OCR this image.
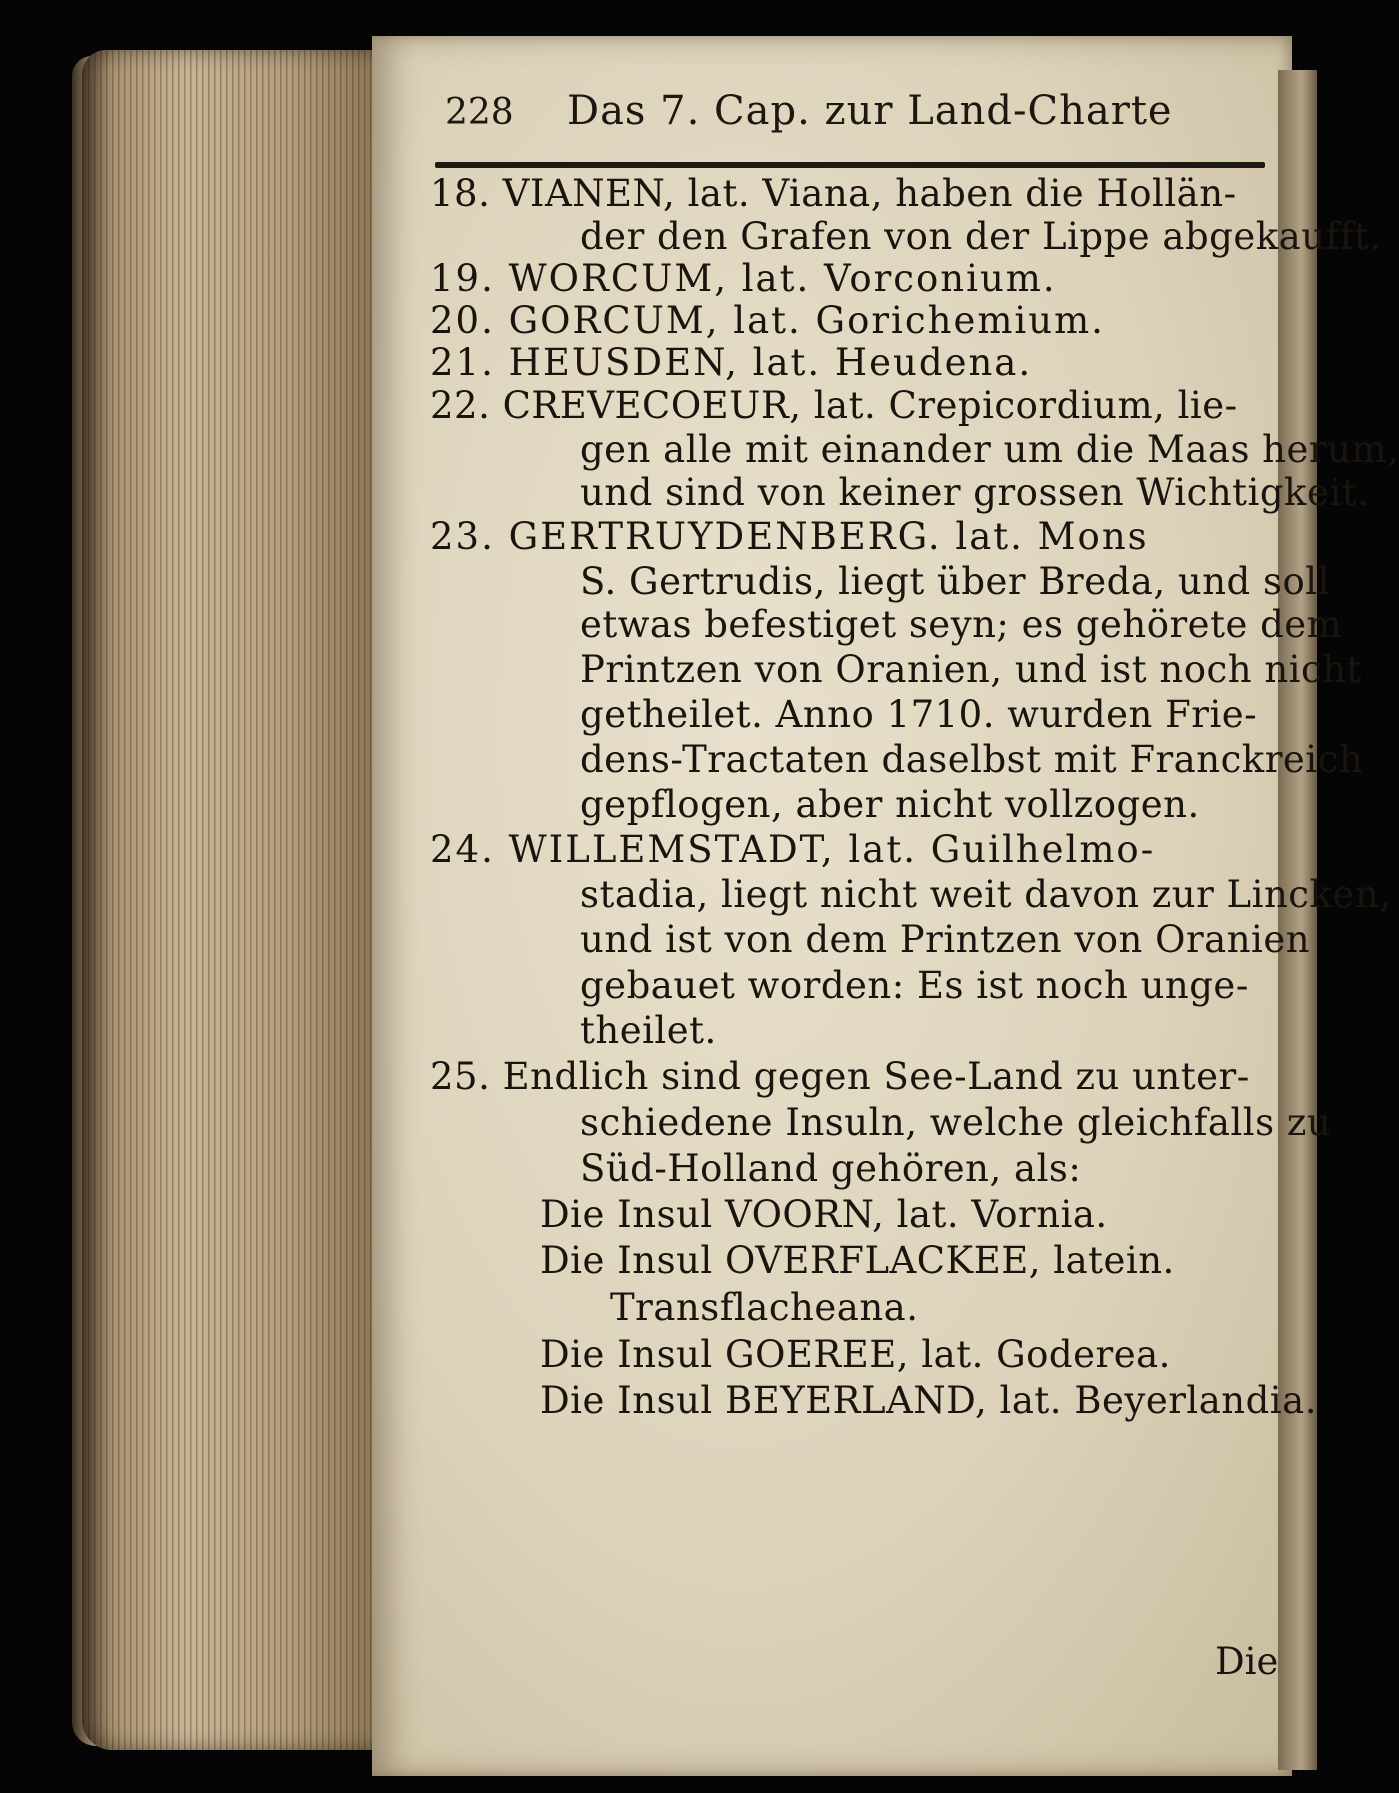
228 Das 7. Cap. zur Land-Charte
18. VIANEN, lat. Viana, haben die Hollän-
der den Grafen von der Lippe abgekaufft.
19. WORCUM, lat. Vorconium.
20. GORCUM, lat. Gorichemium.
21. HEUSDEN, lat. Heudena.
22. CREVECOEUR, lat. Crepicordium, lie-
gen alle mit einander um die Maas herum,
und sind von keiner grossen Wichtigkeit.
23. GERTRUYDENBERG. lat. Mons
S. Gertrudis, liegt über Breda, und soll
etwas befestiget seyn; es gehörete dem
Printzen von Oranien, und ist noch nicht
getheilet. Anno 1710. wurden Frie-
dens-Tractaten daselbst mit Franckreich
gepflogen, aber nicht vollzogen.
24. WILLEMSTADT, lat. Guilhelmo-
stadia, liegt nicht weit davon zur Lincken,
und ist von dem Printzen von Oranien
gebauet worden: Es ist noch unge-
theilet.
25. Endlich sind gegen See-Land zu unter-
schiedene Insuln, welche gleichfalls zu
Süd-Holland gehören, als:
Die Insul VOORN, lat. Vornia.
Die Insul OVERFLACKEE, latein.
Transflacheana.
Die Insul GOEREE, lat. Goderea.
Die Insul BEYERLAND, lat. Beyerlandia.
Die
